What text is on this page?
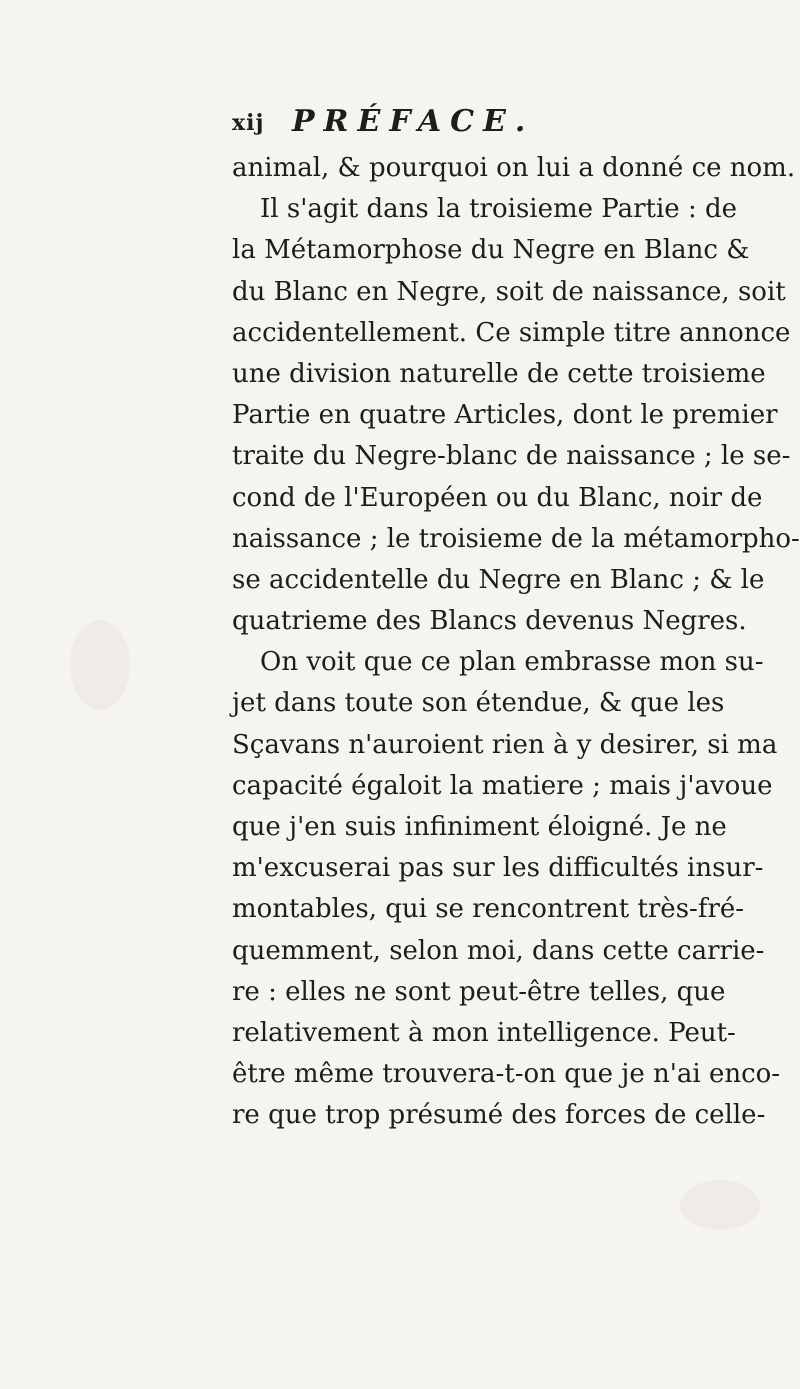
xij PRÉFACE.
animal, & pourquoi on lui a donné ce nom.
Il s'agit dans la troisieme Partie : de
la Métamorphose du Negre en Blanc &
du Blanc en Negre, soit de naissance, soit
accidentellement. Ce simple titre annonce
une division naturelle de cette troisieme
Partie en quatre Articles, dont le premier
traite du Negre-blanc de naissance ; le se-
cond de l'Européen ou du Blanc, noir de
naissance ; le troisieme de la métamorpho-
se accidentelle du Negre en Blanc ; & le
quatrieme des Blancs devenus Negres.
On voit que ce plan embrasse mon su-
jet dans toute son étendue, & que les
Sçavans n'auroient rien à y desirer, si ma
capacité égaloit la matiere ; mais j'avoue
que j'en suis infiniment éloigné. Je ne
m'excuserai pas sur les difficultés insur-
montables, qui se rencontrent très-fré-
quemment, selon moi, dans cette carrie-
re : elles ne sont peut-être telles, que
relativement à mon intelligence. Peut-
être même trouvera-t-on que je n'ai enco-
re que trop présumé des forces de celle-
